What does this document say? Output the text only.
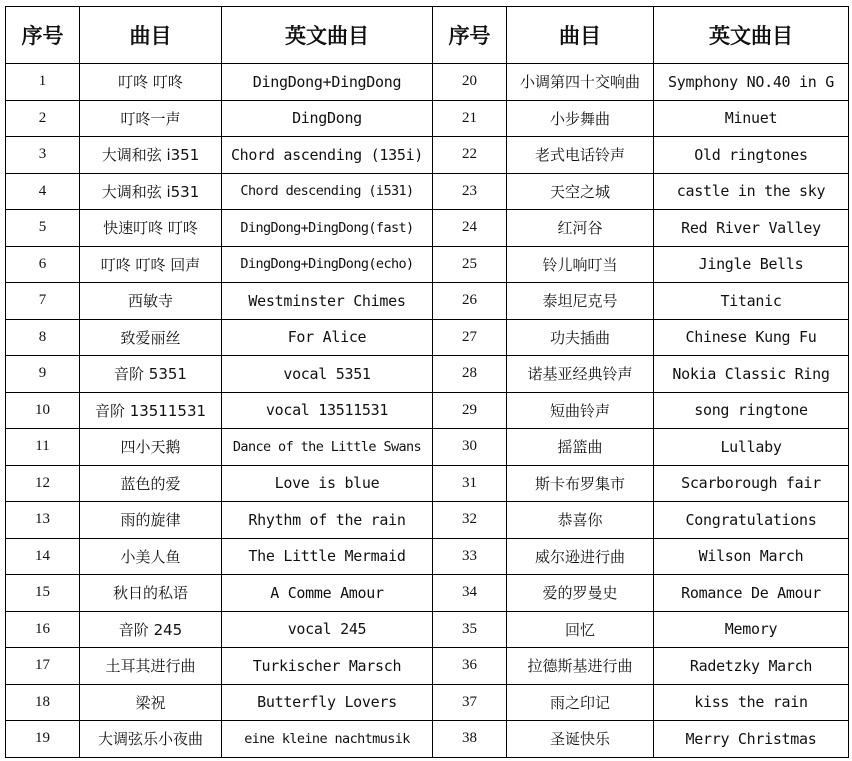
序号	曲目	英文曲目	序号	曲目	英文曲目
1	叮咚 叮咚	DingDong+DingDong	20	小调第四十交响曲	Symphony NO.40 in G
2	叮咚一声	DingDong	21	小步舞曲	Minuet
3	大调和弦 i351	Chord ascending (135i)	22	老式电话铃声	Old ringtones
4	大调和弦 i531	Chord descending (i531)	23	天空之城	castle in the sky
5	快速叮咚 叮咚	DingDong+DingDong(fast)	24	红河谷	Red River Valley
6	叮咚 叮咚 回声	DingDong+DingDong(echo)	25	铃儿响叮当	Jingle Bells
7	西敏寺	Westminster Chimes	26	泰坦尼克号	Titanic
8	致爱丽丝	For Alice	27	功夫插曲	Chinese Kung Fu
9	音阶 5351	vocal 5351	28	诺基亚经典铃声	Nokia Classic Ring
10	音阶 13511531	vocal 13511531	29	短曲铃声	song ringtone
11	四小天鹅	Dance of the Little Swans	30	摇篮曲	Lullaby
12	蓝色的爱	Love is blue	31	斯卡布罗集市	Scarborough fair
13	雨的旋律	Rhythm of the rain	32	恭喜你	Congratulations
14	小美人鱼	The Little Mermaid	33	威尔逊进行曲	Wilson March
15	秋日的私语	A Comme Amour	34	爱的罗曼史	Romance De Amour
16	音阶 245	vocal 245	35	回忆	Memory
17	土耳其进行曲	Turkischer Marsch	36	拉德斯基进行曲	Radetzky March
18	梁祝	Butterfly Lovers	37	雨之印记	kiss the rain
19	大调弦乐小夜曲	eine kleine nachtmusik	38	圣诞快乐	Merry Christmas
